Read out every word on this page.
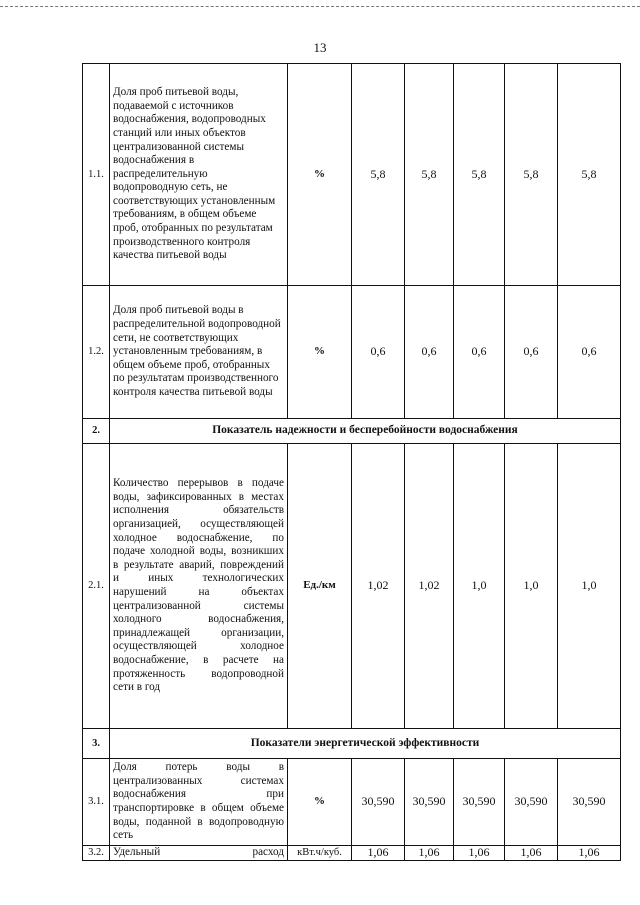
13
1.1.	Доля проб питьевой воды, подаваемой с источников водоснабжения, водопроводных станций или иных объектов централизованной системы водоснабжения в распределительную водопроводную сеть, не соответствующих установленным требованиям, в общем объеме проб, отобранных по результатам производственного контроля качества питьевой воды	%	5,8	5,8	5,8	5,8	5,8
1.2.	Доля проб питьевой воды в распределительной водопроводной сети, не соответствующих установленным требованиям, в общем объеме проб, отобранных по результатам производственного контроля качества питьевой воды	%	0,6	0,6	0,6	0,6	0,6
2.	Показатель надежности и бесперебойности водоснабжения						
2.1.	Количество перерывов в подаче воды, зафиксированных в местах исполнения обязательств организацией, осуществляющей холодное водоснабжение, по подаче холодной воды, возникших в результате аварий, повреждений и иных технологических нарушений на объектах централизованной системы холодного водоснабжения, принадлежащей организации, осуществляющей холодное водоснабжение, в расчете на протяженность водопроводной сети в год	Ед./км	1,02	1,02	1,0	1,0	1,0
3.	Показатели энергетической эффективности						
3.1.	Доля потерь воды в централизованных системах водоснабжения при транспортировке в общем объеме воды, поданной в водопроводную сеть	%	30,590	30,590	30,590	30,590	30,590
3.2.	Удельный расход	кВт.ч/куб.	1,06	1,06	1,06	1,06	1,06
